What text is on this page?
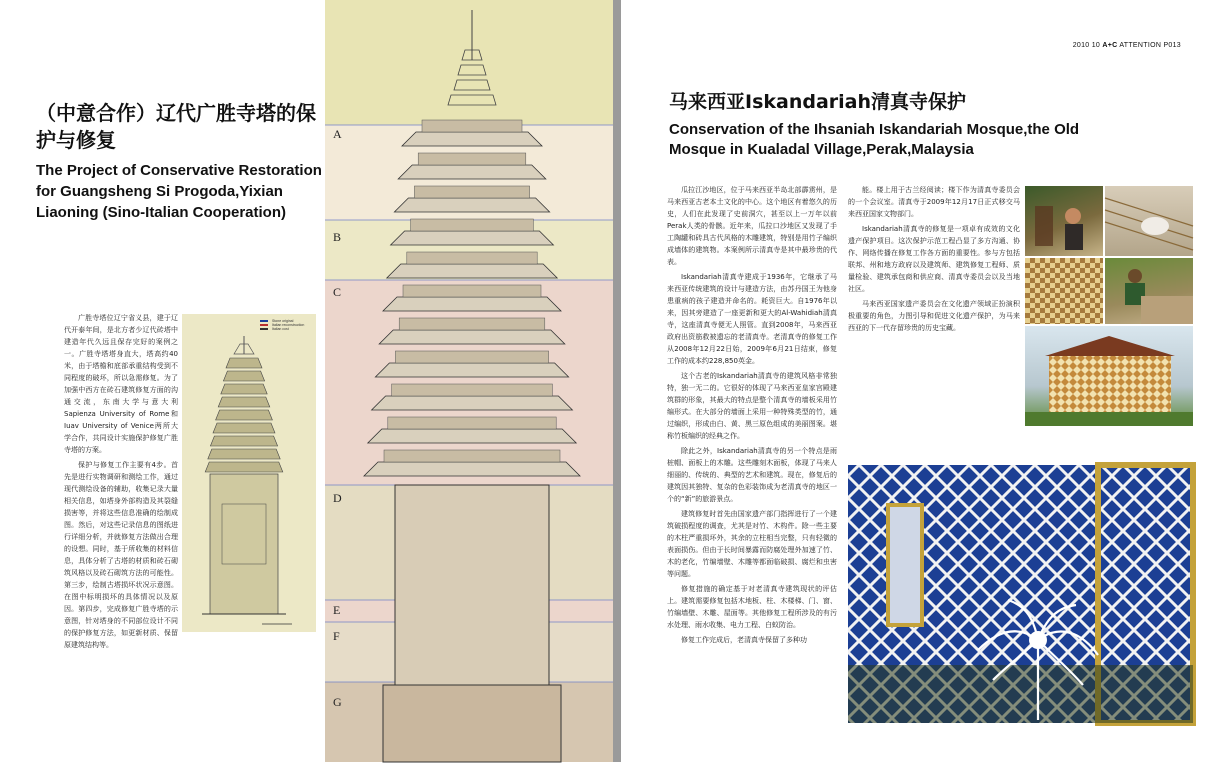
（中意合作）辽代广胜寺塔的保护与修复
The Project of Conservative Restoration
for Guangsheng Si Progoda,Yixian
Liaoning (Sino-Italian Cooperation)

广胜寺塔位辽宁省义县，建于辽代开泰年间，是北方者少辽代砖塔中建造年代久远且保存完好的案例之一。广胜寺塔塔身直大，塔高约40米，由于塔檐和底部承重结构受到不同程度的破坏，所以急需修复。为了加强中西方在砖石建筑修复方面的沟通交流，东南大学与意大利Sapienza University of Rome和Iuav University of Venice两所大学合作，共同设计实施保护修复广胜寺塔的方案。

保护与修复工作主要有4步。首先是进行实物调研和测绘工作，通过现代测绘设备的辅助，收集记录大量相关信息，如塔身外部构造及其裂缝损害等，并将这些信息准确的绘制成图。然后，对这些记录信息的图纸进行详细分析，并就修复方法做出合理的设想。同时，基于所收集的材料信息，具体分析了古塔的材质和砖石砌筑风格以及砖石砌筑方法的可能性。第三步，绘制古塔损坏状况示意图。在图中标明损坏的具体情况以及原因。第四步，完成修复广胜寺塔的示意图，针对塔身的不同部位设计不同的保护修复方法，如更新材质、保留原建筑结构等。

Stone original
Italian reconstruction
Italian cost
A
B
C
D
E
F
G
2010 10 A+C ATTENTION P013
马来西亚Iskandariah清真寺保护
Conservation of the Ihsaniah Iskandariah Mosque,the Old
Mosque in Kualadal Village,Perak,Malaysia

瓜拉江沙地区，位于马来西亚半岛北部霹雳州，是马来西亚古老本土文化的中心。这个地区有着悠久的历史，人们在此发现了史前洞穴，甚至以上一万年以前Perak人类的骨骸。近年来，瓜拉口沙地区又发现了手工陶罐和砖具古代风格的木雕建筑，特别是用竹子编织成墙体的建筑物。本案例所示清真寺是其中最珍贵的代表。

Iskandariah清真寺建成于1936年，它继承了马来西亚传统建筑的设计与建造方法，由苏丹国王为他身患重病的孩子建造并命名的。耗资巨大。自1976年以来，因其旁建造了一座更新和更大的Al-Wahidiah清真寺，这座清真寺便无人照管。直到2008年，马来西亚政府出资筋救被遗忘的老清真寺。老清真寺的修复工作从2008年12月22日始，2009年6月21日结束，修复工作的成本约228,850英金。

这个古老的Iskandariah清真寺的建筑风格非常独特，独一无二的。它很好的体现了马来西亚皇家宫殿建筑群的形象，其最大的特点是整个清真寺的墙板采用竹编形式。在大部分的墙面上采用一种特殊类型的竹，通过编织，形成由白、黄、黑三原色组成的美丽图案。堪称竹板编织的经典之作。

除此之外，Iskandariah清真寺的另一个特点是雨桩帽、面板上的木雕。这些雕刻木面板，体现了马来人细丽的、传统的、典型的艺术和建筑。现在，修复后的建筑因其独特、复杂的色彩装饰成为老清真寺的地区一个的“新”的旅游景点。

建筑修复时首先由国家遗产部门指挥进行了一个建筑破损程度的调查，尤其是对竹、木构件。除一些主要的木柱严重损坏外，其余的立柱相当完整，只有轻微的表面损伤。但由于长时间暴露而防腐处理外加速了竹、木的老化，竹编墙壁、木雕等都面临破损、腐烂和虫害等问题。

修复措施的确定基于对老清真寺建筑现状的评估上。建筑需要修复包括木地板、柱、木楼梯、门、窗、竹编墙壁、木雕、屋面等。其他修复工程所涉及的有污水处理、雨水收集、电力工程、白蚁防治。

修复工作完成后，老清真寺保留了多种功

能。楼上用于古兰经阅读；楼下作为清真寺委员会的一个会议室。清真寺于2009年12月17日正式移交马来西亚国家文物部门。

Iskandariah清真寺的修复是一项卓有成效的文化遗产保护项目。这次保护示范工程凸显了多方沟通、协作、网络传播在修复工作各方面的重要性。参与方包括联邦、州和地方政府以及建筑师、建筑修复工程师、质量检验、建筑承包商和供应商、清真寺委员会以及当地社区。

马来西亚国家遗产委员会在文化遗产领域正扮演积极重要的角色，力图引导和促进文化遗产保护，为马来西亚的下一代存留珍贵的历史宝藏。
